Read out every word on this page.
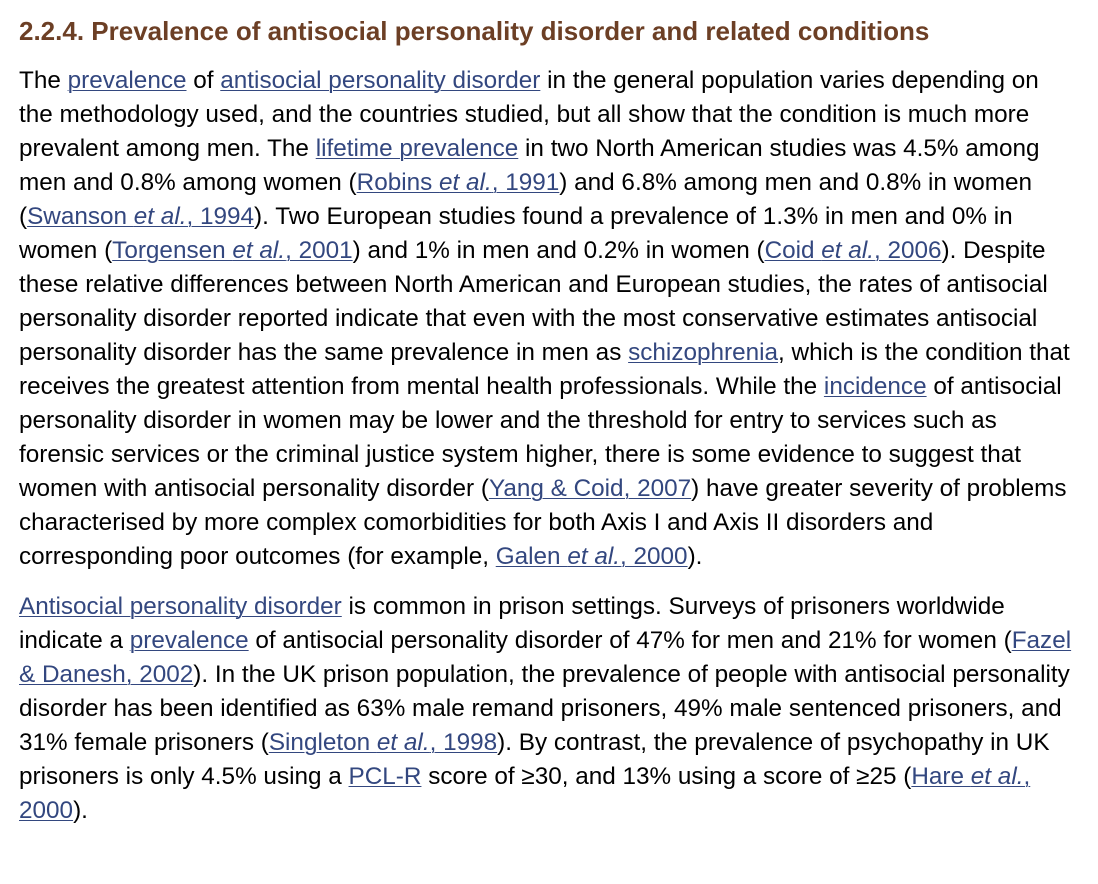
2.2.4. Prevalence of antisocial personality disorder and related conditions

The prevalence of antisocial personality disorder in the general population varies depending on the methodology used, and the countries studied, but all show that the condition is much more prevalent among men. The lifetime prevalence in two North American studies was 4.5% among men and 0.8% among women (Robins et al., 1991) and 6.8% among men and 0.8% in women (Swanson et al., 1994). Two European studies found a prevalence of 1.3% in men and 0% in women (Torgensen et al., 2001) and 1% in men and 0.2% in women (Coid et al., 2006). Despite these relative differences between North American and European studies, the rates of antisocial personality disorder reported indicate that even with the most conservative estimates antisocial personality disorder has the same prevalence in men as schizophrenia, which is the condition that receives the greatest attention from mental health professionals. While the incidence of antisocial personality disorder in women may be lower and the threshold for entry to services such as forensic services or the criminal justice system higher, there is some evidence to suggest that women with antisocial personality disorder (Yang & Coid, 2007) have greater severity of problems characterised by more complex comorbidities for both Axis I and Axis II disorders and corresponding poor outcomes (for example, Galen et al., 2000).

Antisocial personality disorder is common in prison settings. Surveys of prisoners worldwide indicate a prevalence of antisocial personality disorder of 47% for men and 21% for women (Fazel & Danesh, 2002). In the UK prison population, the prevalence of people with antisocial personality disorder has been identified as 63% male remand prisoners, 49% male sentenced prisoners, and 31% female prisoners (Singleton et al., 1998). By contrast, the prevalence of psychopathy in UK prisoners is only 4.5% using a PCL-R score of ≥30, and 13% using a score of ≥25 (Hare et al., 2000).
